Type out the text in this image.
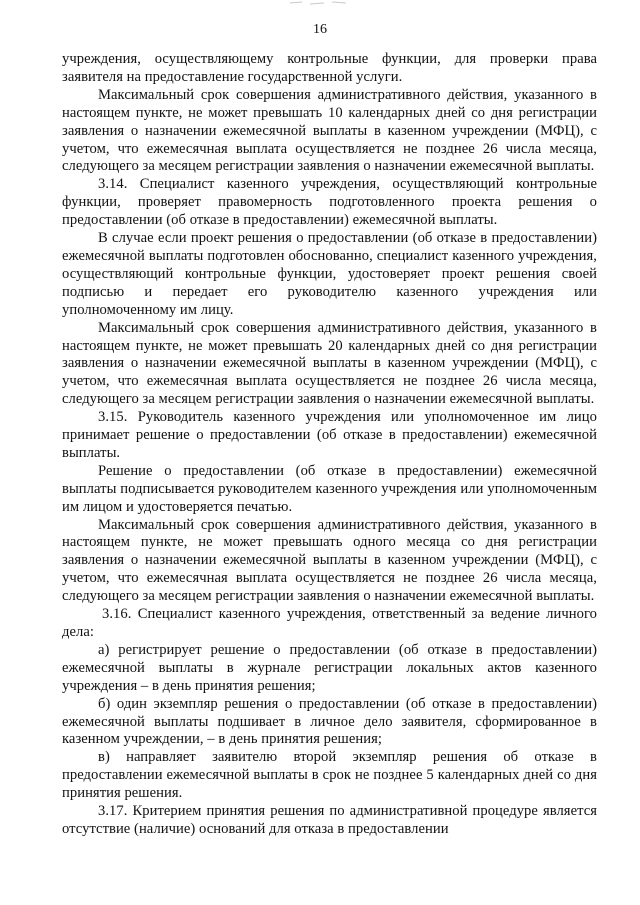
16

учреждения, осуществляющему контрольные функции, для проверки права заявителя на предоставление государственной услуги.

Максимальный срок совершения административного действия, указанного в настоящем пункте, не может превышать 10 календарных дней со дня регистрации заявления о назначении ежемесячной выплаты в казенном учреждении (МФЦ), с учетом, что ежемесячная выплата осуществляется не позднее 26 числа месяца, следующего за месяцем регистрации заявления о назначении ежемесячной выплаты.

3.14. Специалист казенного учреждения, осуществляющий контрольные функции, проверяет правомерность подготовленного проекта решения о предоставлении (об отказе в предоставлении) ежемесячной выплаты.

В случае если проект решения о предоставлении (об отказе в предоставлении) ежемесячной выплаты подготовлен обоснованно, специалист казенного учреждения, осуществляющий контрольные функции, удостоверяет проект решения своей подписью и передает его руководителю казенного учреждения или уполномоченному им лицу.

Максимальный срок совершения административного действия, указанного в настоящем пункте, не может превышать 20 календарных дней со дня регистрации заявления о назначении ежемесячной выплаты в казенном учреждении (МФЦ), с учетом, что ежемесячная выплата осуществляется не позднее 26 числа месяца, следующего за месяцем регистрации заявления о назначении ежемесячной выплаты.

3.15. Руководитель казенного учреждения или уполномоченное им лицо принимает решение о предоставлении (об отказе в предоставлении) ежемесячной выплаты.

Решение о предоставлении (об отказе в предоставлении) ежемесячной выплаты подписывается руководителем казенного учреждения или уполномоченным им лицом и удостоверяется печатью.

Максимальный срок совершения административного действия, указанного в настоящем пункте, не может превышать одного месяца со дня регистрации заявления о назначении ежемесячной выплаты в казенном учреждении (МФЦ), с учетом, что ежемесячная выплата осуществляется не позднее 26 числа месяца, следующего за месяцем регистрации заявления о назначении ежемесячной выплаты.

3.16. Специалист казенного учреждения, ответственный за ведение личного дела:

а) регистрирует решение о предоставлении (об отказе в предоставлении) ежемесячной выплаты в журнале регистрации локальных актов казенного учреждения – в день принятия решения;

б) один экземпляр решения о предоставлении (об отказе в предоставлении) ежемесячной выплаты подшивает в личное дело заявителя, сформированное в казенном учреждении, – в день принятия решения;

в) направляет заявителю второй экземпляр решения об отказе в предоставлении ежемесячной выплаты в срок не позднее 5 календарных дней со дня принятия решения.

3.17. Критерием принятия решения по административной процедуре является отсутствие (наличие) оснований для отказа в предоставлении
